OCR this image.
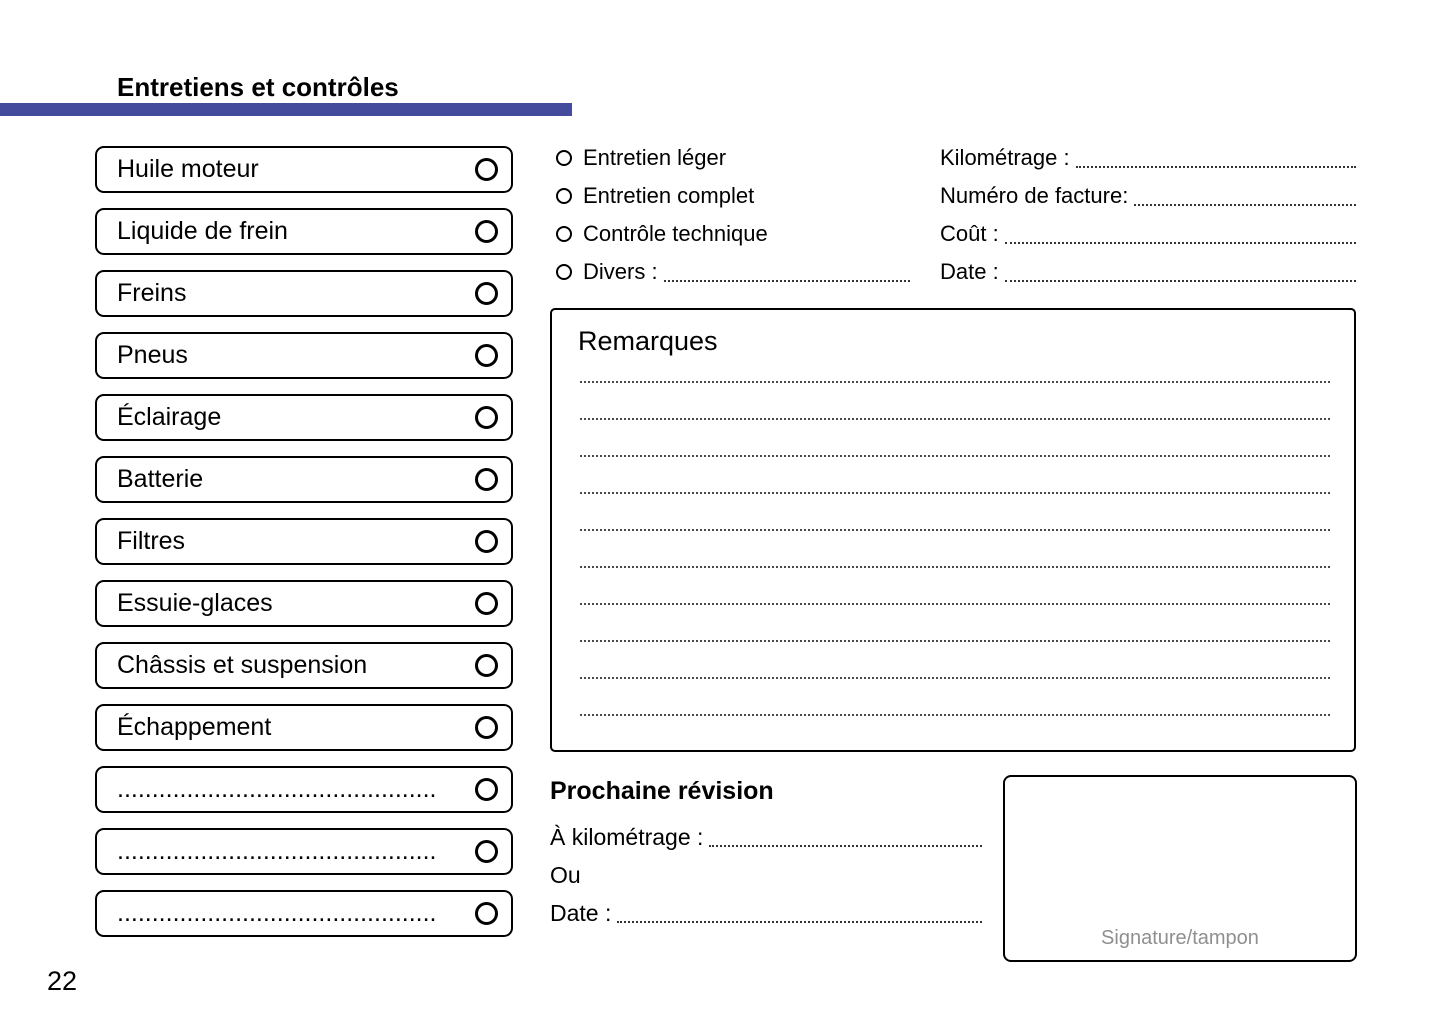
Entretiens et contrôles
Huile moteur
Liquide de frein
Freins
Pneus
Éclairage
Batterie
Filtres
Essuie-glaces
Châssis et suspension
Échappement
..............................................
..............................................
..............................................
Entretien léger
Entretien complet
Contrôle technique
Divers :
Kilométrage :
Numéro de facture:
Coût :
Date :
Remarques
Prochaine révision
À kilométrage :
Ou
Date :
Signature/tampon
22
